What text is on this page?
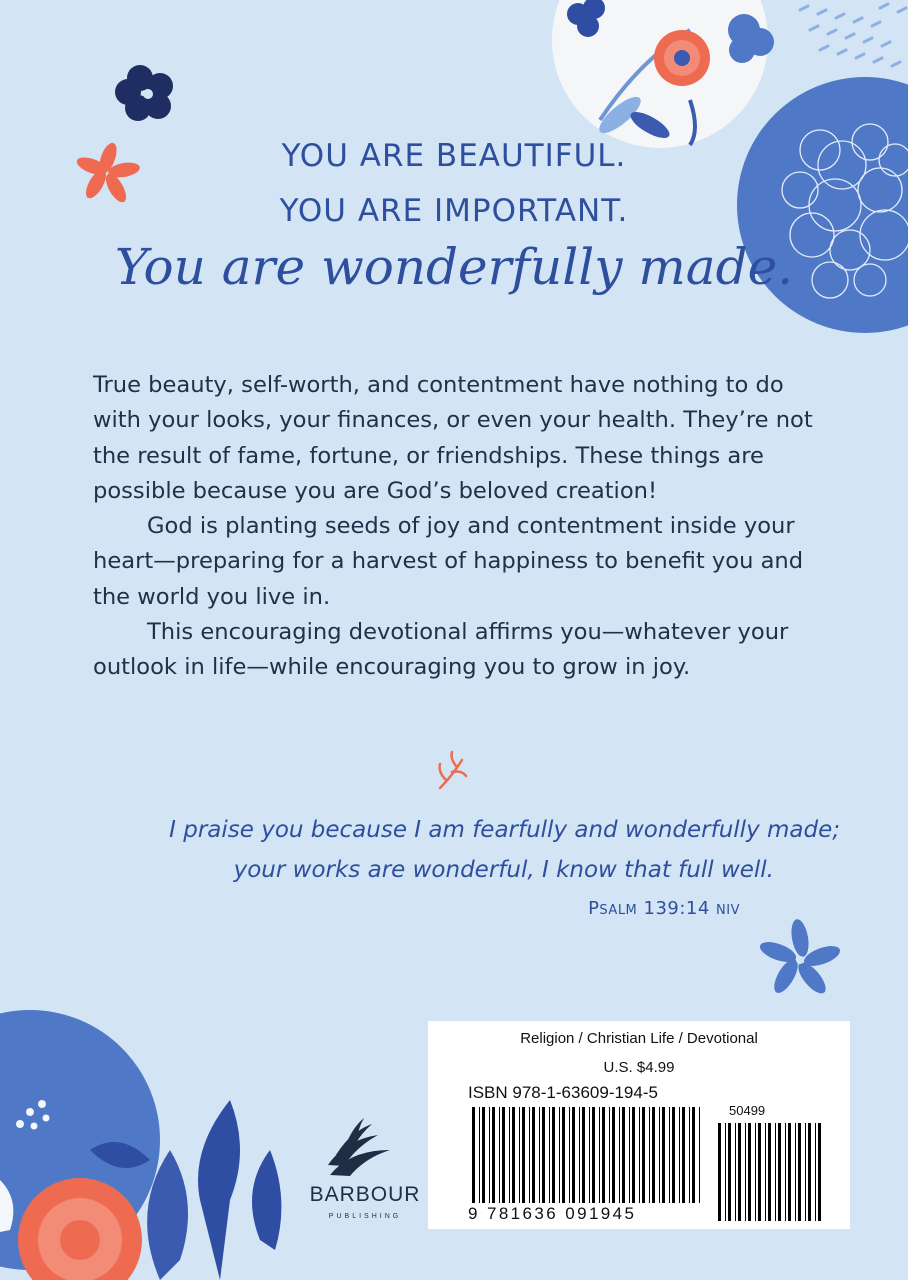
YOU ARE BEAUTIFUL.
YOU ARE IMPORTANT.
You are wonderfully made.

True beauty, self-worth, and contentment have nothing to do with your looks, your finances, or even your health. They’re not the result of fame, fortune, or friendships. These things are possible because you are God’s beloved creation!

God is planting seeds of joy and contentment inside your heart—preparing for a harvest of happiness to benefit you and the world you live in.

This encouraging devotional affirms you—whatever your outlook in life—while encouraging you to grow in joy.

I praise you because I am fearfully and wonderfully made;
your works are wonderful, I know that full well.
Psalm 139:14 niv
Religion / Christian Life / Devotional
U.S. $4.99
ISBN 978-1-63609-194-5
50499
9 781636 091945
BARBOUR
PUBLISHING
